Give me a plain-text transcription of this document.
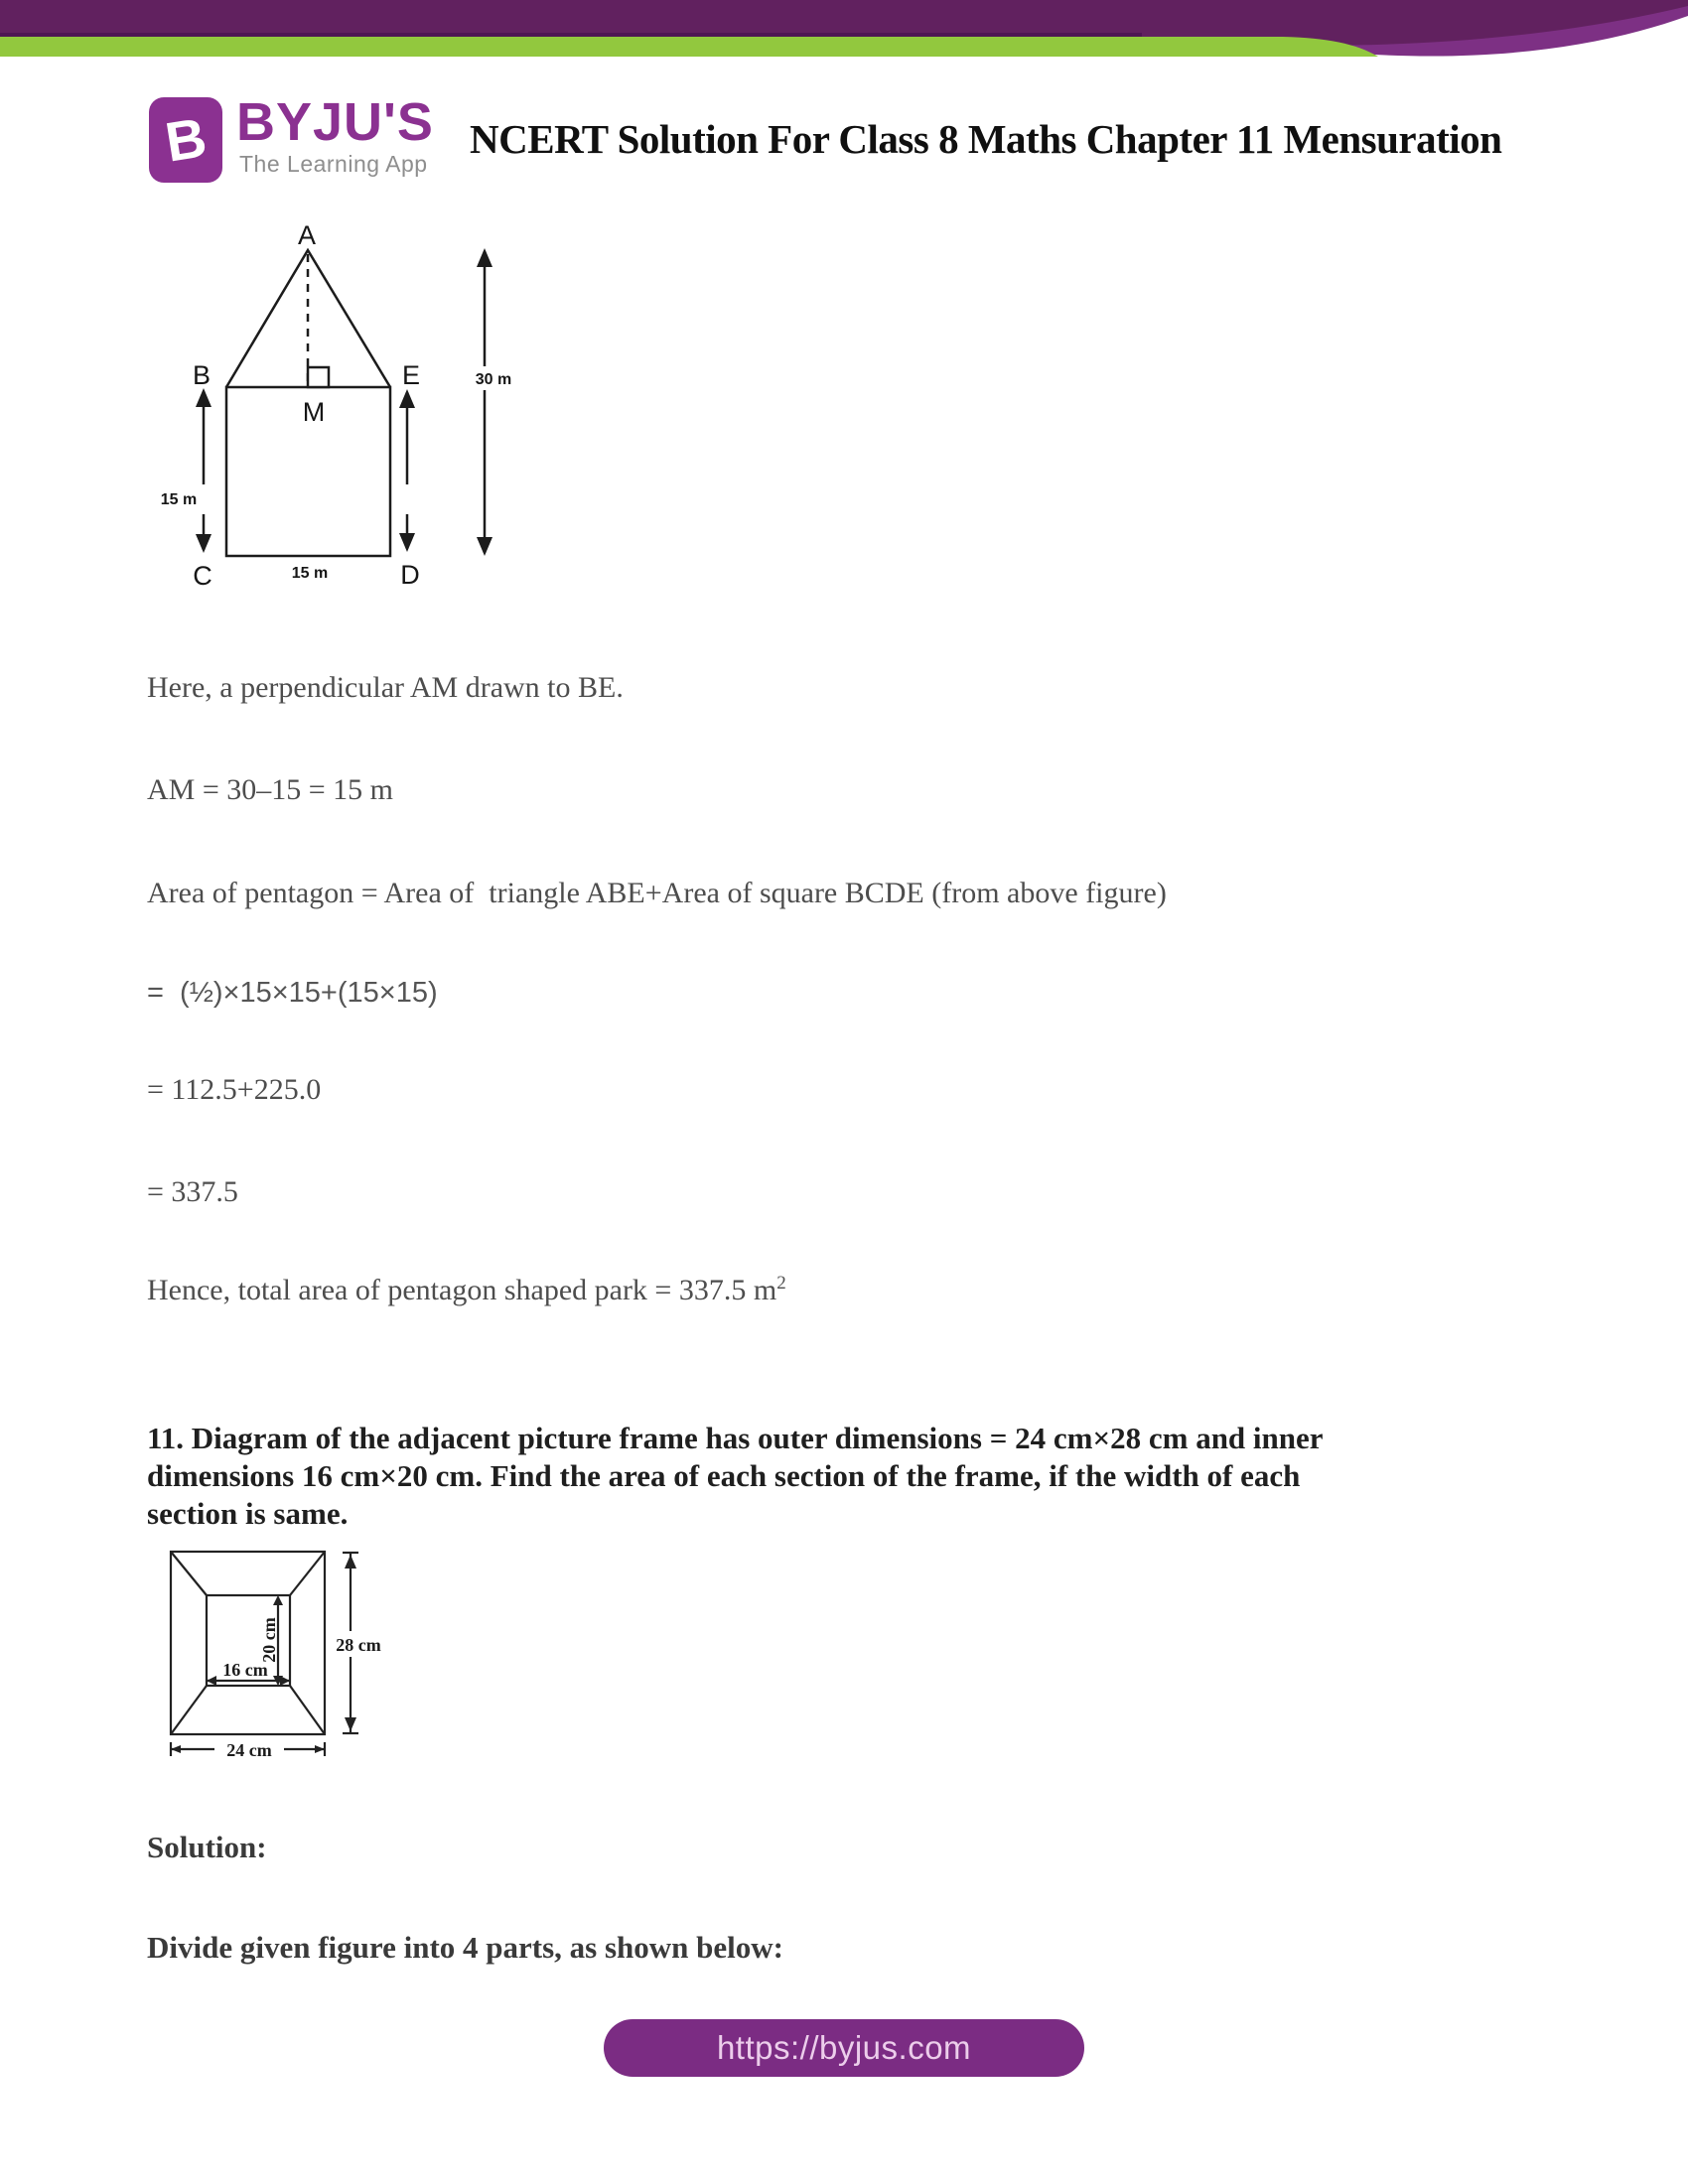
B BYJU'S
The Learning App
NCERT Solution For Class 8 Maths Chapter 11 Mensuration
A
B	E
M
C	D
15 m
15 m
30 m
Here, a perpendicular AM drawn to BE.
AM = 30–15 = 15 m
Area of pentagon = Area of  triangle ABE+Area of square BCDE (from above figure)
=  (½)×15×15+(15×15)
= 112.5+225.0
= 337.5
Hence, total area of pentagon shaped park = 337.5 $m^2$
11. Diagram of the adjacent picture frame has outer dimensions = 24 cm×28 cm and inner
dimensions 16 cm×20 cm. Find the area of each section of the frame, if the width of each
section is same.
20 cm
16 cm
28 cm
24 cm
Solution:
Divide given figure into 4 parts, as shown below:
https://byjus.com
